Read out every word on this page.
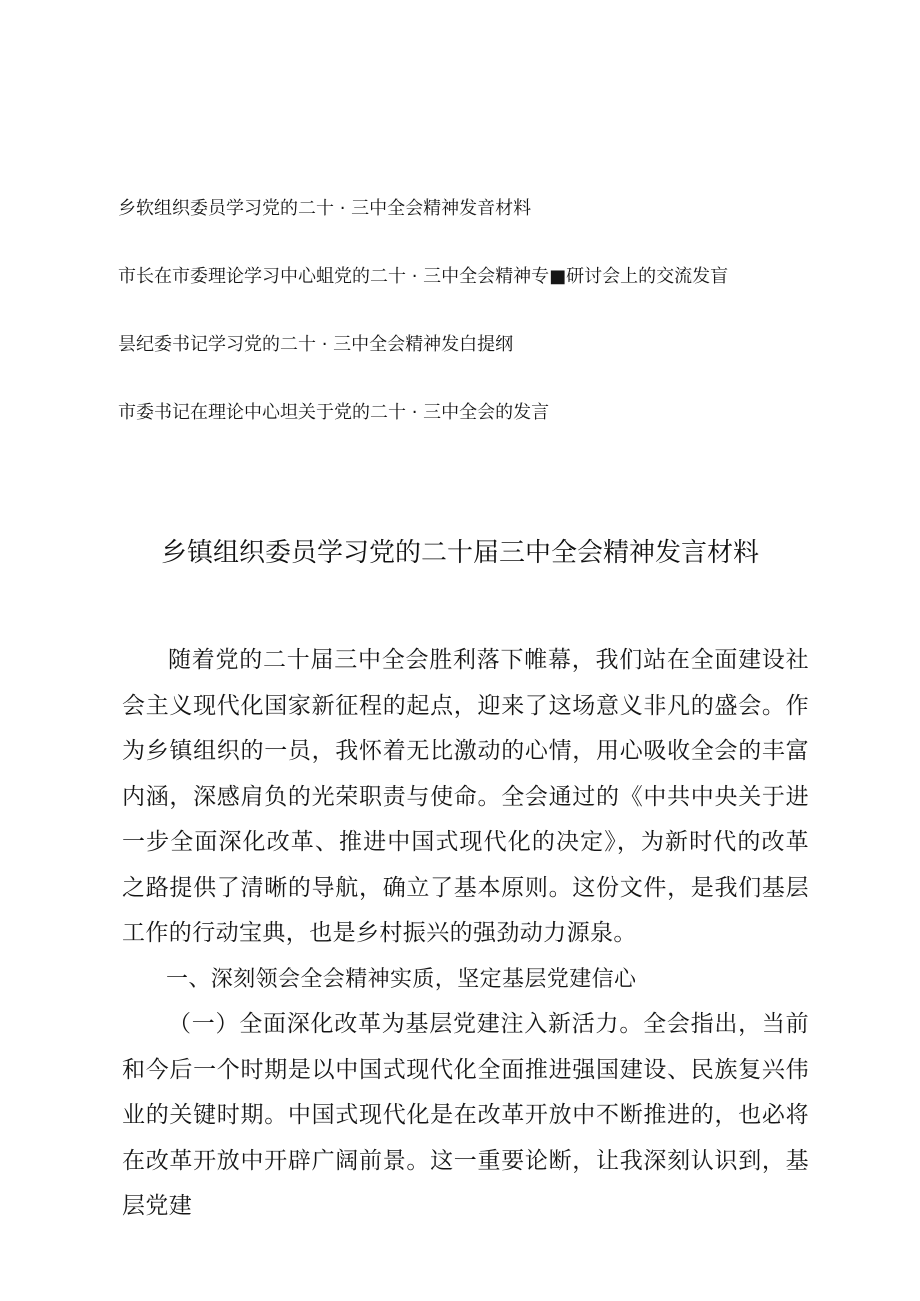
乡软组织委员学习党的二十 · 三中全会精神发音材料
市长在市委理论学习中心蛆党的二十 · 三中全会精神专■研讨会上的交流发盲
昙纪委书记学习党的二十 · 三中全会精神发白提纲
市委书记在理论中心坦关于党的二十 · 三中全会的发言
乡镇组织委员学习党的二十届三中全会精神发言材料

随着党的二十届三中全会胜利落下帷幕，我们站在全面建设社会主义现代化国家新征程的起点，迎来了这场意义非凡的盛会。作为乡镇组织的一员，我怀着无比激动的心情，用心吸收全会的丰富内涵，深感肩负的光荣职责与使命。全会通过的《中共中央关于进一步全面深化改革、推进中国式现代化的决定》，为新时代的改革之路提供了清晰的导航，确立了基本原则。这份文件，是我们基层工作的行动宝典，也是乡村振兴的强劲动力源泉。

一、深刻领会全会精神实质，坚定基层党建信心

（一）全面深化改革为基层党建注入新活力。全会指出，当前和今后一个时期是以中国式现代化全面推进强国建设、民族复兴伟业的关键时期。中国式现代化是在改革开放中不断推进的，也必将在改革开放中开辟广阔前景。这一重要论断，让我深刻认识到，基层党建
